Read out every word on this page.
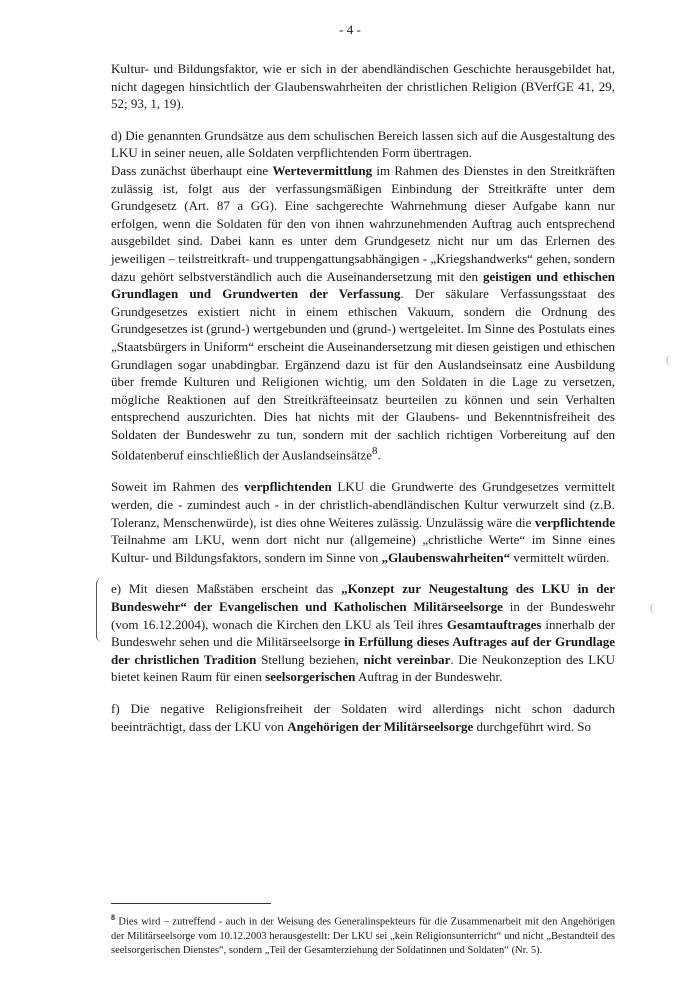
- 4 -

Kultur- und Bildungsfaktor, wie er sich in der abendländischen Geschichte herausgebildet hat, nicht dagegen hinsichtlich der Glaubenswahrheiten der christlichen Religion (BVerfGE 41, 29, 52; 93, 1, 19).

d) Die genannten Grundsätze aus dem schulischen Bereich lassen sich auf die Ausgestaltung des LKU in seiner neuen, alle Soldaten verpflichtenden Form übertragen.

Dass zunächst überhaupt eine Wertevermittlung im Rahmen des Dienstes in den Streitkräften zulässig ist, folgt aus der verfassungsmäßigen Einbindung der Streitkräfte unter dem Grundgesetz (Art. 87 a GG). Eine sachgerechte Wahrnehmung dieser Aufgabe kann nur erfolgen, wenn die Soldaten für den von ihnen wahrzunehmenden Auftrag auch entsprechend ausgebildet sind. Dabei kann es unter dem Grundgesetz nicht nur um das Erlernen des jeweiligen – teilstreitkraft- und truppengattungsabhängigen - „Kriegshandwerks“ gehen, sondern dazu gehört selbstverständlich auch die Auseinandersetzung mit den geistigen und ethischen Grundlagen und Grundwerten der Verfassung. Der säkulare Verfassungsstaat des Grundgesetzes existiert nicht in einem ethischen Vakuum, sondern die Ordnung des Grundgesetzes ist (grund-) wertgebunden und (grund-) wertgeleitet. Im Sinne des Postulats eines „Staatsbürgers in Uniform“ erscheint die Auseinandersetzung mit diesen geistigen und ethischen Grundlagen sogar unabdingbar. Ergänzend dazu ist für den Auslandseinsatz eine Ausbildung über fremde Kulturen und Religionen wichtig, um den Soldaten in die Lage zu versetzen, mögliche Reaktionen auf den Streitkräfteeinsatz beurteilen zu können und sein Verhalten entsprechend auszurichten. Dies hat nichts mit der Glaubens- und Bekenntnisfreiheit des Soldaten der Bundeswehr zu tun, sondern mit der sachlich richtigen Vorbereitung auf den Soldatenberuf einschließlich der Auslandseinsätze$^8$.

Soweit im Rahmen des verpflichtenden LKU die Grundwerte des Grundgesetzes vermittelt werden, die - zumindest auch - in der christlich-abendländischen Kultur verwurzelt sind (z.B. Toleranz, Menschenwürde), ist dies ohne Weiteres zulässig. Unzulässig wäre die verpflichtende Teilnahme am LKU, wenn dort nicht nur (allgemeine) „christliche Werte“ im Sinne eines Kultur- und Bildungsfaktors, sondern im Sinne von „Glaubenswahrheiten“ vermittelt würden.

e) Mit diesen Maßstäben erscheint das „Konzept zur Neugestaltung des LKU in der Bundeswehr“ der Evangelischen und Katholischen Militärseelsorge in der Bundeswehr (vom 16.12.2004), wonach die Kirchen den LKU als Teil ihres Gesamtauftrages innerhalb der Bundeswehr sehen und die Militärseelsorge in Erfüllung dieses Auftrages auf der Grundlage der christlichen Tradition Stellung beziehen, nicht vereinbar. Die Neukonzeption des LKU bietet keinen Raum für einen seelsorgerischen Auftrag in der Bundeswehr.

f) Die negative Religionsfreiheit der Soldaten wird allerdings nicht schon dadurch beeinträchtigt, dass der LKU von Angehörigen der Militärseelsorge durchgeführt wird. So

(
(
$^8$ Dies wird – zutreffend - auch in der Weisung des Generalinspekteurs für die Zusammenarbeit mit den Angehörigen der Militärseelsorge vom 10.12.2003 herausgestellt: Der LKU sei „kein Religionsunterricht“ und nicht „Bestandteil des seelsorgerischen Dienstes“, sondern „Teil der Gesamterziehung der Soldatinnen und Soldaten“ (Nr. 5).
